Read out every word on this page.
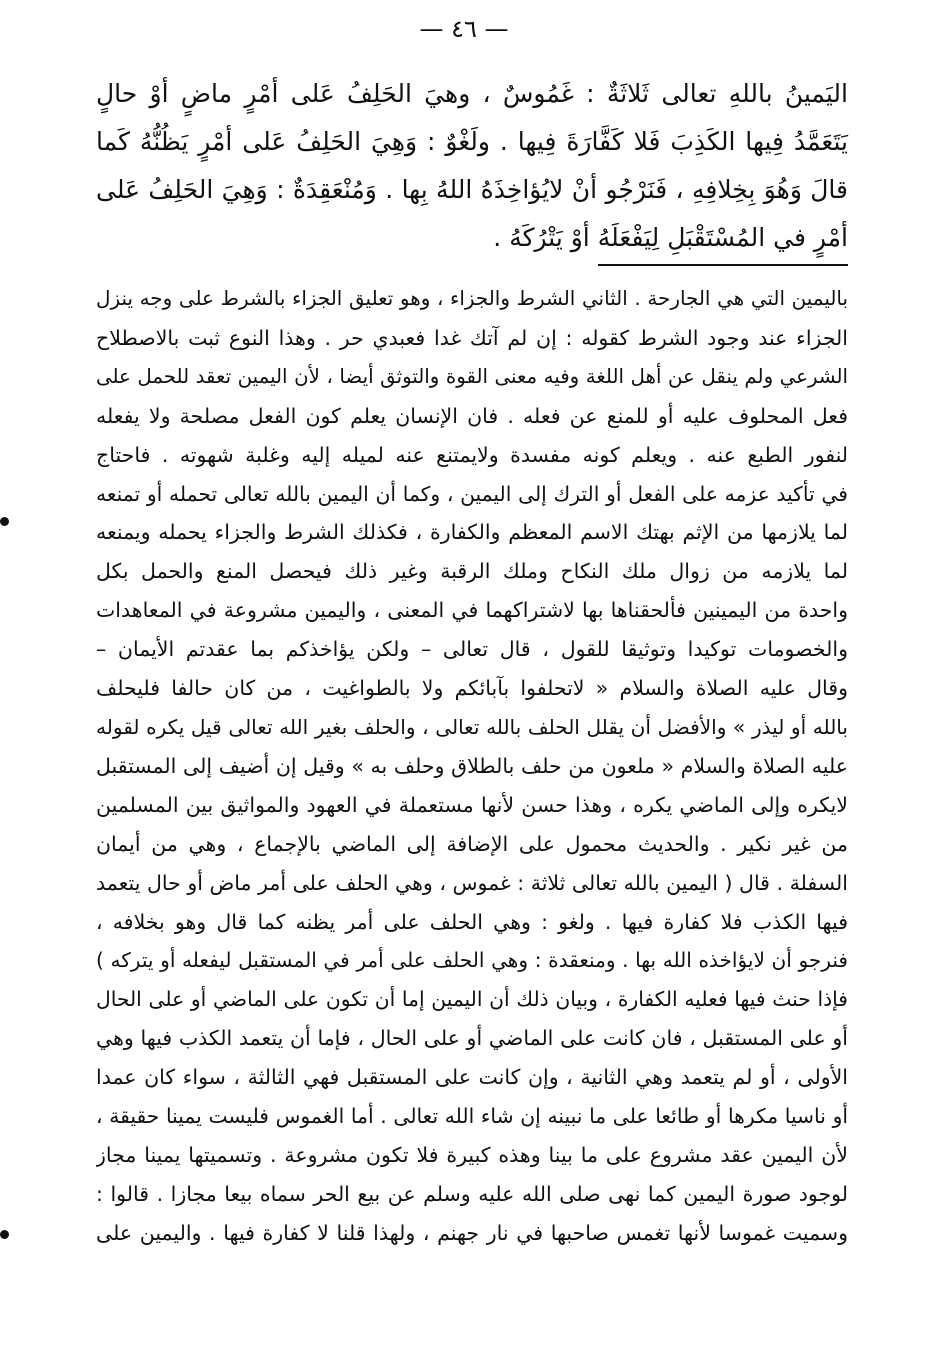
— ٤٦ —

اليَمينُ باللهِ تعالى ثَلاثَةٌ : غَمُوسٌ ، وهيَ الحَلِفُ عَلى أمْرٍ ماضٍ أوْ حالٍ يَتَعَمَّدُ فِيها الكَذِبَ فَلا كَفَّارَةَ فِيها . ولَغْوٌ : وَهِيَ الحَلِفُ عَلى أمْرٍ يَظُنُّهُ كَما قالَ وَهُوَ بِخِلافِهِ ، فَنَرْجُو أنْ لايُؤاخِذَهُ اللهُ بِها . وَمُنْعَقِدَةٌ : وَهِيَ الحَلِفُ عَلى أمْرٍ في المُسْتَقْبَلِ لِيَفْعَلَهُ أوْ يَتْرُكَهُ .

باليمين التي هي الجارحة . الثاني الشرط والجزاء ، وهو تعليق الجزاء بالشرط على وجه ينزل
الجزاء عند وجود الشرط كقوله : إن لم آتك غدا فعبدي حر . وهذا النوع ثبت بالاصطلاح
الشرعي ولم ينقل عن أهل اللغة وفيه معنى القوة والتوثق أيضا ، لأن اليمين تعقد للحمل على
فعل المحلوف عليه أو للمنع عن فعله . فان الإنسان يعلم كون الفعل مصلحة ولا يفعله
لنفور الطبع عنه . ويعلم كونه مفسدة ولايمتنع عنه لميله إليه وغلبة شهوته . فاحتاج
في تأكيد عزمه على الفعل أو الترك إلى اليمين ، وكما أن اليمين بالله تعالى تحمله أو تمنعه
لما يلازمها من الإثم بهتك الاسم المعظم والكفارة ، فكذلك الشرط والجزاء يحمله ويمنعه
لما يلازمه من زوال ملك النكاح وملك الرقبة وغير ذلك فيحصل المنع والحمل بكل
واحدة من اليمينين فألحقناها بها لاشتراكهما في المعنى ، واليمين مشروعة في المعاهدات
والخصومات توكيدا وتوثيقا للقول ، قال تعالى – ولكن يؤاخذكم بما عقدتم الأيمان –
وقال عليه الصلاة والسلام « لاتحلفوا بآبائكم ولا بالطواغيت ، من كان حالفا فليحلف
بالله أو ليذر » والأفضل أن يقلل الحلف بالله تعالى ، والحلف بغير الله تعالى قيل يكره لقوله
عليه الصلاة والسلام « ملعون من حلف بالطلاق وحلف به » وقيل إن أضيف إلى المستقبل
لايكره وإلى الماضي يكره ، وهذا حسن لأنها مستعملة في العهود والمواثيق بين المسلمين
من غير نكير . والحديث محمول على الإضافة إلى الماضي بالإجماع ، وهي من أيمان
السفلة . قال ( اليمين بالله تعالى ثلاثة : غموس ، وهي الحلف على أمر ماض أو حال يتعمد
فيها الكذب فلا كفارة فيها . ولغو : وهي الحلف على أمر يظنه كما قال وهو بخلافه ،
فنرجو أن لايؤاخذه الله بها . ومنعقدة : وهي الحلف على أمر في المستقبل ليفعله أو يتركه )
فإذا حنث فيها فعليه الكفارة ، وبيان ذلك أن اليمين إما أن تكون على الماضي أو على الحال
أو على المستقبل ، فان كانت على الماضي أو على الحال ، فإما أن يتعمد الكذب فيها وهي
الأولى ، أو لم يتعمد وهي الثانية ، وإن كانت على المستقبل فهي الثالثة ، سواء كان عمدا
أو ناسيا مكرها أو طائعا على ما نبينه إن شاء الله تعالى . أما الغموس فليست يمينا حقيقة ،
لأن اليمين عقد مشروع على ما بينا وهذه كبيرة فلا تكون مشروعة . وتسميتها يمينا مجاز
لوجود صورة اليمين كما نهى صلى الله عليه وسلم عن بيع الحر سماه بيعا مجازا . قالوا :
وسميت غموسا لأنها تغمس صاحبها في نار جهنم ، ولهذا قلنا لا كفارة فيها . واليمين على
